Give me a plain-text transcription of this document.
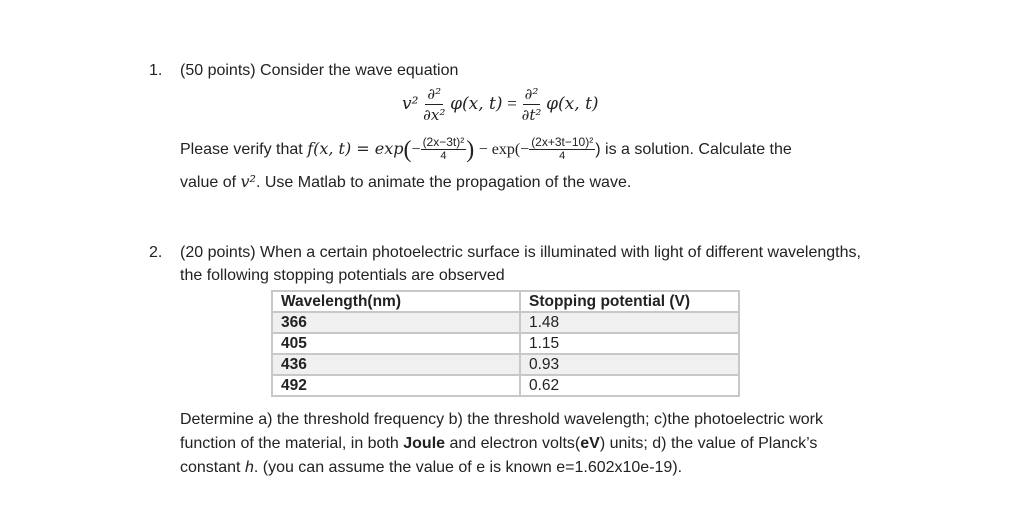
1. (50 points) Consider the wave equation
$v^2 \frac{\text{∂²}}{\text{∂x²}} \varphi(x$, $t) = \frac{\text{∂²}}{\text{∂t²}} \varphi(x$, t)
Please verify that f(x, $t) = \exp(- \frac{\text{(2x−3t)²}}{4}$ ) − $\exp(- \frac{\text{(2x+3t−10)²}}{4}$ ) is a solution. Calculate the
value of v². Use Matlab to animate the propagation of the wave.
2. (20 points) When a certain photoelectric surface is illuminated with light of different wavelengths,
the following stopping potentials are observed
Wavelength(nm)	Stopping potential (V)
366	1.48
405	1.15
436	0.93
492	0.62
Determine a) the threshold frequency b) the threshold wavelength; c)the photoelectric work
function of the material, in both Joule and electron volts(eV) units; d) the value of Planck’s
constant h. (you can assume the value of e is known e=1.602x10e-19).
